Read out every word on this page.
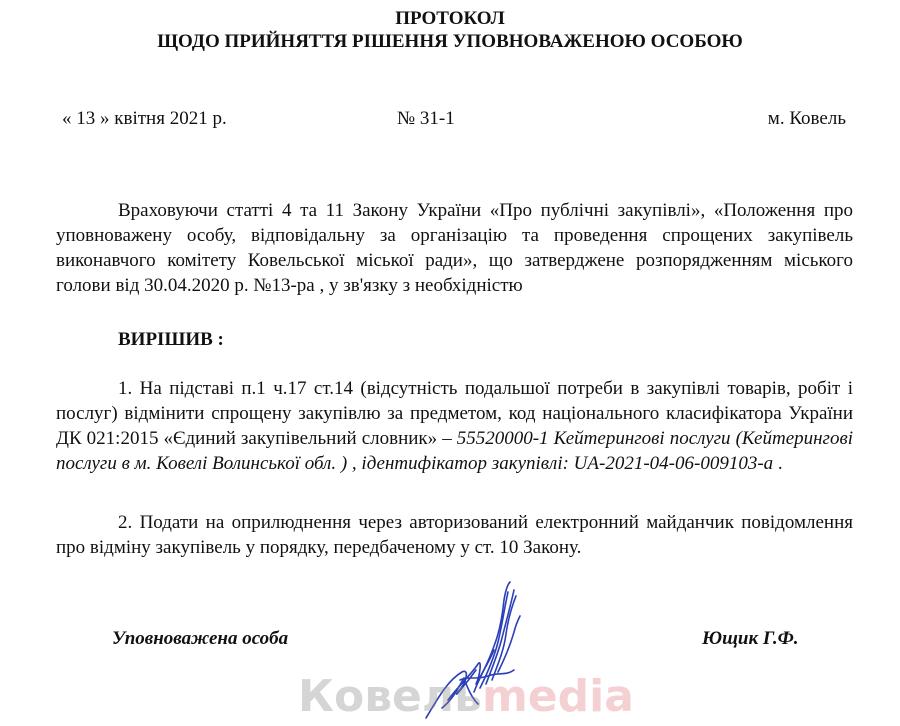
ПРОТОКОЛ
ЩОДО ПРИЙНЯТТЯ РІШЕННЯ УПОВНОВАЖЕНОЮ ОСОБОЮ
« 13 » квітня 2021 р.	№ 31-1	м. Ковель

Враховуючи статті 4 та 11 Закону України «Про публічні закупівлі», «Положення про уповноважену особу, відповідальну за організацію та проведення спрощених закупівель виконавчого комітету Ковельської міської ради», що затверджене розпорядженням міського голови від 30.04.2020 р. №13-ра , у зв'язку з необхідністю

ВИРІШИВ :

1. На підставі п.1 ч.17 ст.14 (відсутність подальшої потреби в закупівлі товарів, робіт і послуг) відмінити спрощену закупівлю за предметом, код національного класифікатора України ДК 021:2015 «Єдиний закупівельний словник» – 55520000-1 Кейтерингові послуги (Кейтерингові послуги в м. Ковелі Волинської обл. ) , ідентифікатор закупівлі: UA-2021-04-06-009103-а .

2. Подати на оприлюднення через авторизований електронний майданчик повідомлення про відміну закупівель у порядку, передбаченому у ст. 10 Закону.

Уповноважена особа	Ющик Г.Ф.
Ковельmedia
